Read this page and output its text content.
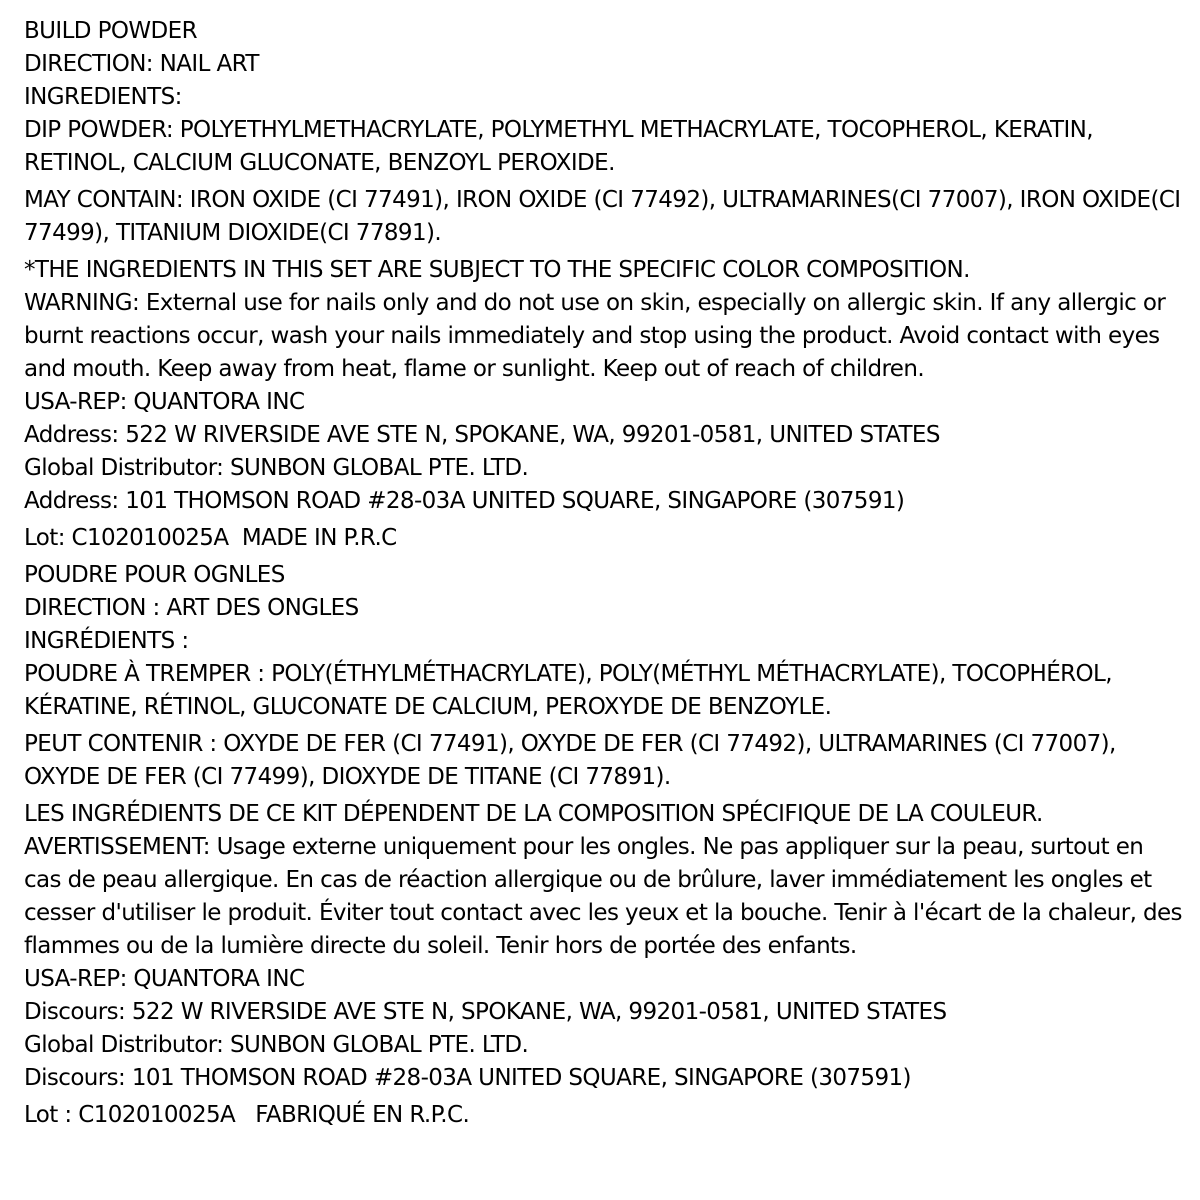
BUILD POWDER

DIRECTION: NAIL ART

INGREDIENTS:

DIP POWDER: POLYETHYLMETHACRYLATE, POLYMETHYL METHACRYLATE, TOCOPHEROL, KERATIN, RETINOL, CALCIUM GLUCONATE, BENZOYL PEROXIDE.

MAY CONTAIN: IRON OXIDE (CI 77491), IRON OXIDE (CI 77492), ULTRAMARINES(CI 77007), IRON OXIDE(CI 77499), TITANIUM DIOXIDE(CI 77891).

*THE INGREDIENTS IN THIS SET ARE SUBJECT TO THE SPECIFIC COLOR COMPOSITION.

WARNING: External use for nails only and do not use on skin, especially on allergic skin. If any allergic or burnt reactions occur, wash your nails immediately and stop using the product. Avoid contact with eyes and mouth. Keep away from heat, flame or sunlight. Keep out of reach of children.

USA-REP: QUANTORA INC

Address: 522 W RIVERSIDE AVE STE N, SPOKANE, WA, 99201-0581, UNITED STATES

Global Distributor: SUNBON GLOBAL PTE. LTD.

Address: 101 THOMSON ROAD #28-03A UNITED SQUARE, SINGAPORE (307591)

Lot: C102010025A  MADE IN P.R.C

POUDRE POUR OGNLES

DIRECTION : ART DES ONGLES

INGRÉDIENTS :

POUDRE À TREMPER : POLY(ÉTHYLMÉTHACRYLATE), POLY(MÉTHYL MÉTHACRYLATE), TOCOPHÉROL, KÉRATINE, RÉTINOL, GLUCONATE DE CALCIUM, PEROXYDE DE BENZOYLE.

PEUT CONTENIR : OXYDE DE FER (CI 77491), OXYDE DE FER (CI 77492), ULTRAMARINES (CI 77007), OXYDE DE FER (CI 77499), DIOXYDE DE TITANE (CI 77891).

LES INGRÉDIENTS DE CE KIT DÉPENDENT DE LA COMPOSITION SPÉCIFIQUE DE LA COULEUR.

AVERTISSEMENT: Usage externe uniquement pour les ongles. Ne pas appliquer sur la peau, surtout en cas de peau allergique. En cas de réaction allergique ou de brûlure, laver immédiatement les ongles et cesser d'utiliser le produit. Éviter tout contact avec les yeux et la bouche. Tenir à l'écart de la chaleur, des flammes ou de la lumière directe du soleil. Tenir hors de portée des enfants.

USA-REP: QUANTORA INC

Discours: 522 W RIVERSIDE AVE STE N, SPOKANE, WA, 99201-0581, UNITED STATES

Global Distributor: SUNBON GLOBAL PTE. LTD.

Discours: 101 THOMSON ROAD #28-03A UNITED SQUARE, SINGAPORE (307591)

Lot : C102010025A   FABRIQUÉ EN R.P.C.
